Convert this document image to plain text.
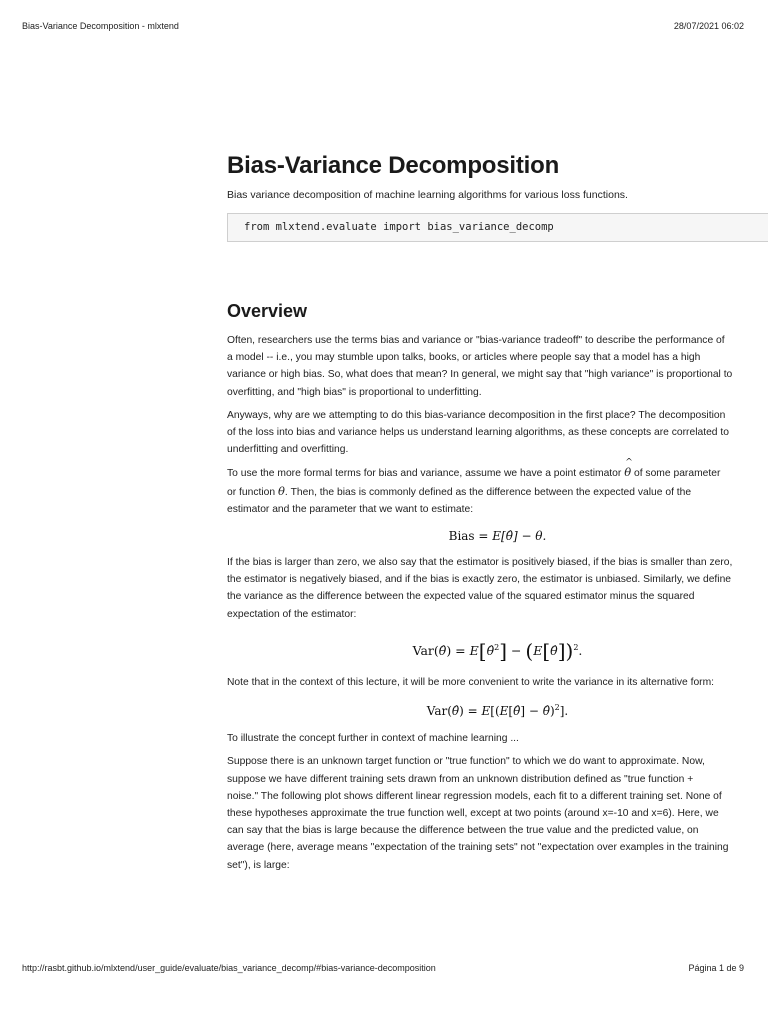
Bias-Variance Decomposition - mlxtend	28/07/2021 06:02
Bias-Variance Decomposition
Bias variance decomposition of machine learning algorithms for various loss functions.
from mlxtend.evaluate import bias_variance_decomp
Overview

Often, researchers use the terms bias and variance or "bias-variance tradeoff" to describe the performance of

a model -- i.e., you may stumble upon talks, books, or articles where people say that a model has a high

variance or high bias. So, what does that mean? In general, we might say that "high variance" is proportional to

overfitting, and "high bias" is proportional to underfitting.

Anyways, why are we attempting to do this bias-variance decomposition in the first place? The decomposition

of the loss into bias and variance helps us understand learning algorithms, as these concepts are correlated to

underfitting and overfitting.

To use the more formal terms for bias and variance, assume we have a point estimator θ ^ of some parameter

or function θ. Then, the bias is commonly defined as the difference between the expected value of the

estimator and the parameter that we want to estimate:

Bias = E[θ̂] − θ.

If the bias is larger than zero, we also say that the estimator is positively biased, if the bias is smaller than zero,

the estimator is negatively biased, and if the bias is exactly zero, the estimator is unbiased. Similarly, we define

the variance as the difference between the expected value of the squared estimator minus the squared

expectation of the estimator:

Var(θ̂) = E[θ̂$^2$] − (E[θ̂])$^2$.

Note that in the context of this lecture, it will be more convenient to write the variance in its alternative form:

Var(θ̂) = E[(E[θ̂] − θ̂)$^2$].

To illustrate the concept further in context of machine learning ...

Suppose there is an unknown target function or "true function" to which we do want to approximate. Now,

suppose we have different training sets drawn from an unknown distribution defined as "true function +

noise." The following plot shows different linear regression models, each fit to a different training set. None of

these hypotheses approximate the true function well, except at two points (around x=-10 and x=6). Here, we

can say that the bias is large because the difference between the true value and the predicted value, on

average (here, average means "expectation of the training sets" not "expectation over examples in the training

set"), is large:

http://rasbt.github.io/mlxtend/user_guide/evaluate/bias_variance_decomp/#bias-variance-decomposition	Página 1 de 9
